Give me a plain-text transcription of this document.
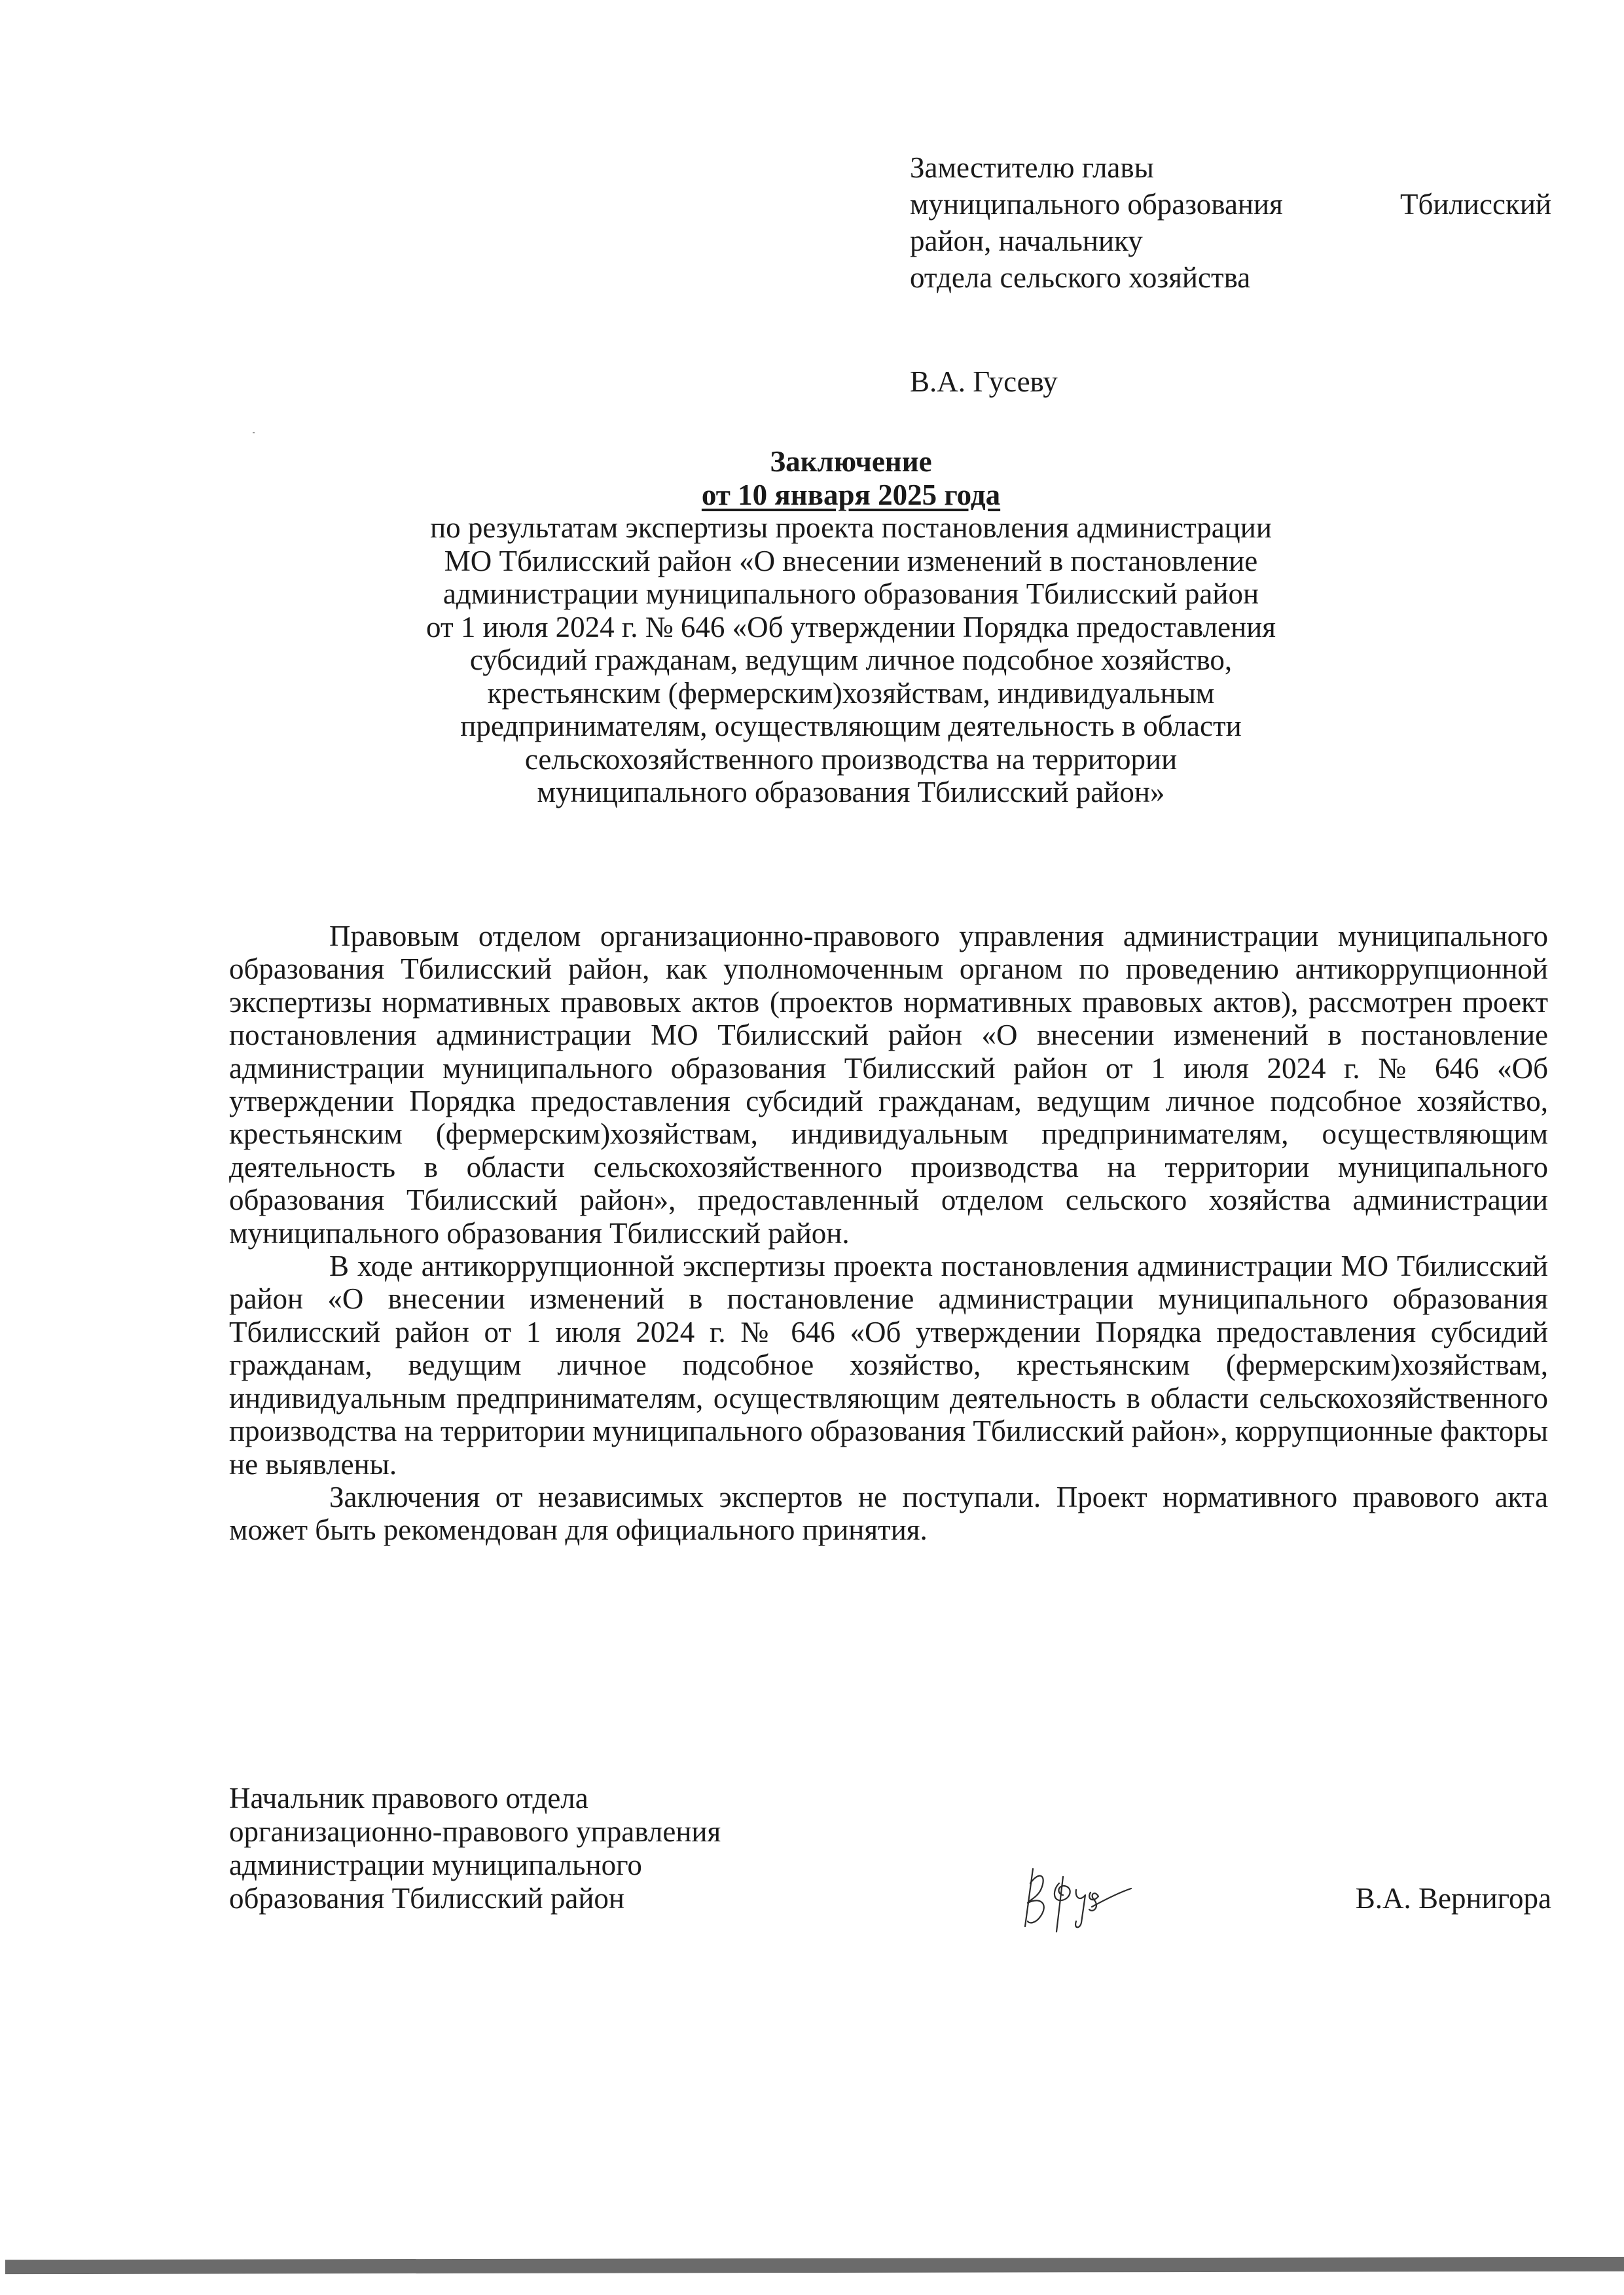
Заместителю главы
муниципального образования	Тбилисский
район, начальнику
отдела сельского хозяйства
В.А. Гусеву
Заключение
от 10 января 2025 года
по результатам экспертизы проекта постановления администрации
МО Тбилисский район «О внесении изменений в постановление
администрации муниципального образования Тбилисский район
от 1 июля 2024 г. № 646 «Об утверждении Порядка предоставления
субсидий гражданам, ведущим личное подсобное хозяйство,
крестьянским (фермерским)хозяйствам, индивидуальным
предпринимателям, осуществляющим деятельность в области
сельскохозяйственного производства на территории
муниципального образования Тбилисский район»

Правовым отделом организационно-правового управления администрации муниципального образования Тбилисский район, как уполномоченным органом по проведению антикоррупционной экспертизы нормативных правовых актов (проектов нормативных правовых актов), рассмотрен проект постановления администрации МО Тбилисский район «О внесении изменений в постановление администрации муниципального образования Тбилисский район от 1 июля 2024 г. № 646 «Об утверждении Порядка предоставления субсидий гражданам, ведущим личное подсобное хозяйство, крестьянским (фермерским)хозяйствам, индивидуальным предпринимателям, осуществляющим деятельность в области сельскохозяйственного производства на территории муниципального образования Тбилисский район», предоставленный отделом сельского хозяйства администрации муниципального образования Тбилисский район.

В ходе антикоррупционной экспертизы проекта постановления администрации МО Тбилисский район «О внесении изменений в постановление администрации муниципального образования Тбилисский район от 1 июля 2024 г. № 646 «Об утверждении Порядка предоставления субсидий гражданам, ведущим личное подсобное хозяйство, крестьянским (фермерским)хозяйствам, индивидуальным предпринимателям, осуществляющим деятельность в области сельскохозяйственного производства на территории муниципального образования Тбилисский район», коррупционные факторы не выявлены.

Заключения от независимых экспертов не поступали. Проект нормативного правового акта может быть рекомендован для официального принятия.

Начальник правового отдела
организационно-правового управления
администрации муниципального
образования Тбилисский район	В.А. Вернигора
